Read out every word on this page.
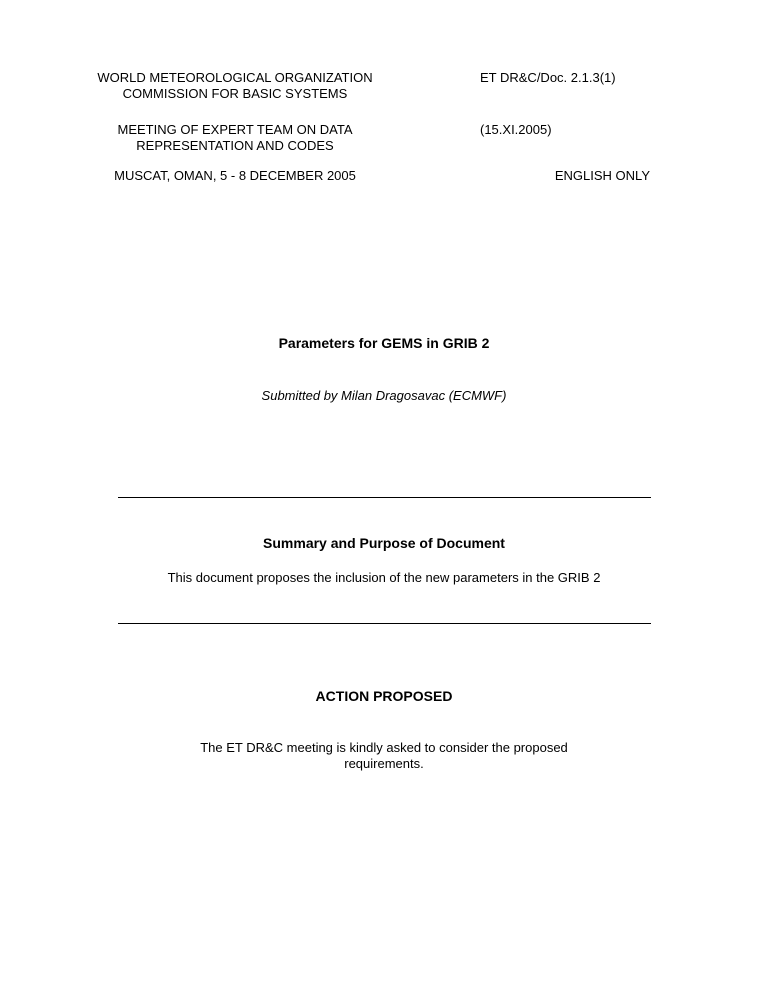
WORLD METEOROLOGICAL ORGANIZATION
COMMISSION FOR BASIC SYSTEMS
ET DR&C/Doc. 2.1.3(1)
MEETING OF EXPERT TEAM ON DATA
REPRESENTATION AND CODES
(15.XI.2005)
MUSCAT, OMAN, 5 - 8 DECEMBER 2005	ENGLISH ONLY
Parameters for GEMS in GRIB 2
Submitted by Milan Dragosavac (ECMWF)
Summary and Purpose of Document
This document proposes the inclusion of the new parameters in the GRIB 2
ACTION PROPOSED
The ET DR&C meeting is kindly asked to consider the proposed
requirements.
